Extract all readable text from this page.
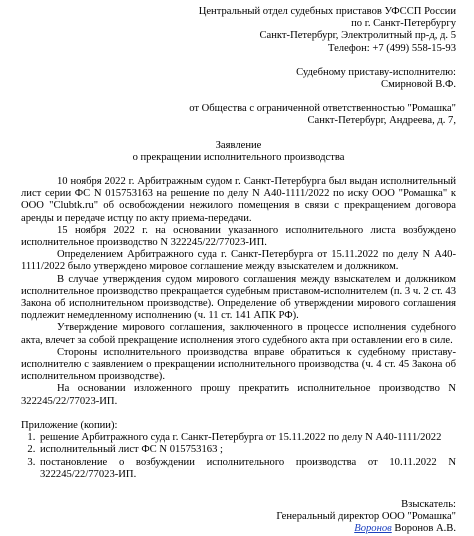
Центральный отдел судебных приставов УФССП России
по г. Санкт-Петербургу
Санкт-Петербург, Электролитный пр-д, д. 5
Телефон: +7 (499) 558-15-93
Судебному приставу-исполнителю:
Смирновой В.Ф.
от Общества с ограниченной ответственностью "Ромашка"
Санкт-Петербург, Андреева, д. 7,
Заявление
о прекращении исполнительного производства
10 ноября 2022 г. Арбитражным судом г. Санкт-Петербурга был выдан исполнительный лист серии ФС N 015753163 на решение по делу N А40-1111/2022 по иску ООО "Ромашка" к ООО "Clubtk.ru" об освобождении нежилого помещения в связи с прекращением договора аренды и передаче истцу по акту приема-передачи.
15 ноября 2022 г. на основании указанного исполнительного листа возбуждено исполнительное производство N 322245/22/77023-ИП.
Определением Арбитражного суда г. Санкт-Петербурга от 15.11.2022 по делу N А40-1111/2022 было утверждено мировое соглашение между взыскателем и должником.
В случае утверждения судом мирового соглашения между взыскателем и должником исполнительное производство прекращается судебным приставом-исполнителем (п. 3 ч. 2 ст. 43 Закона об исполнительном производстве). Определение об утверждении мирового соглашения подлежит немедленному исполнению (ч. 11 ст. 141 АПК РФ).
Утверждение мирового соглашения, заключенного в процессе исполнения судебного акта, влечет за собой прекращение исполнения этого судебного акта при оставлении его в силе.
Стороны исполнительного производства вправе обратиться к судебному приставу-исполнителю с заявлением о прекращении исполнительного производства (ч. 4 ст. 45 Закона об исполнительном производстве).
На основании изложенного прошу прекратить исполнительное производство N 322245/22/77023-ИП.
Приложение (копии):
1. решение Арбитражного суда г. Санкт-Петербурга от 15.11.2022 по делу N А40-1111/2022
2. исполнительный лист ФС N 015753163 ;
3. постановление о возбуждении исполнительного производства от 10.11.2022 N 322245/22/77023-ИП.
Взыскатель:
Генеральный директор ООО "Ромашка"
Воронов Воронов А.В.
